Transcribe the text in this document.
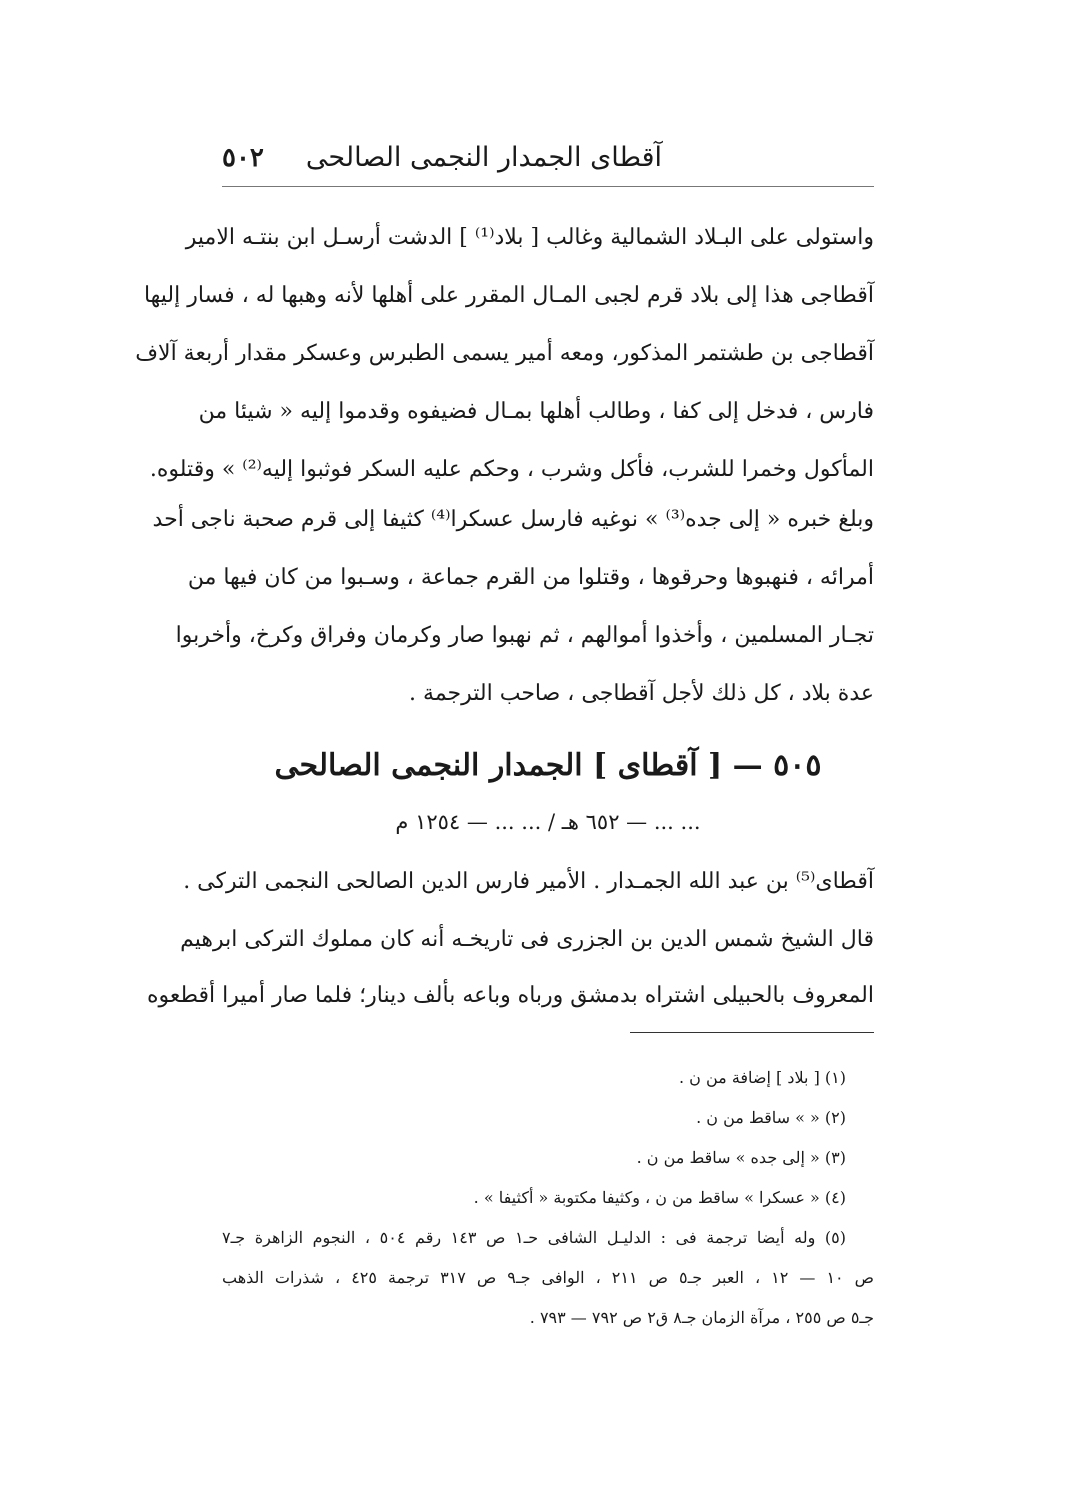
آقطاى الجمدار النجمى الصالحى
٥٠٢
واستولى على البـلاد الشمالية وغالب [ بلاد⁽¹⁾ ] الدشت أرسـل ابن بنتـه الامير
آقطاجى هذا إلى بلاد قرم لجبى المـال المقرر على أهلها لأنه وهبها له ، فسار إليها
آقطاجى بن طشتمر المذكور، ومعه أمير يسمى الطبرس وعسكر مقدار أربعة آلاف
فارس ، فدخل إلى كفا ، وطالب أهلها بمـال فضيفوه وقدموا إليه « شيئا من
المأكول وخمرا للشرب، فأكل وشرب ، وحكم عليه السكر فوثبوا إليه⁽²⁾ » وقتلوه.
وبلغ خبره « إلى جده⁽³⁾ » نوغيه فارسل عسكرا⁽⁴⁾ كثيفا إلى قرم صحبة ناجى أحد
أمرائه ، فنهبوها وحرقوها ، وقتلوا من القرم جماعة ، وسـبوا من كان فيها من
تجـار المسلمين ، وأخذوا أموالهم ، ثم نهبوا صار وكرمان وفراق وكرخ، وأخربوا
عدة بلاد ، كل ذلك لأجل آقطاجى ، صاحب الترجمة .
٥٠٥ — [ آقطاى ] الجمدار النجمى الصالحى
... ... — ٦٥٢ هـ / ... ... — ١٢٥٤ م
آقطاى⁽⁵⁾ بن عبد الله الجمـدار . الأمير فارس الدين الصالحى النجمى التركى .
قال الشيخ شمس الدين بن الجزرى فى تاريخـه أنه كان مملوك التركى ابرهيم
المعروف بالحبيلى اشتراه بدمشق ورباه وباعه بألف دينار؛ فلما صار أميرا أقطعوه
(١) [ بلاد ] إضافة من ن .
(٢) « » ساقط من ن .
(٣) « إلى جده » ساقط من ن .
(٤) « عسكرا » ساقط من ن ، وكثيفا مكتوبة « أكثيفا » .
(٥) وله أيضا ترجمة فى : الدليـل الشافى حـ١ ص ١٤٣ رقم ٥٠٤ ، النجوم الزاهرة جـ٧
ص ١٠ — ١٢ ، العبر جـ٥ ص ٢١١ ، الوافى جـ٩ ص ٣١٧ ترجمة ٤٢٥ ، شذرات الذهب
جـ٥ ص ٢٥٥ ، مرآة الزمان جـ٨ ق٢ ص ٧٩٢ — ٧٩٣ .
